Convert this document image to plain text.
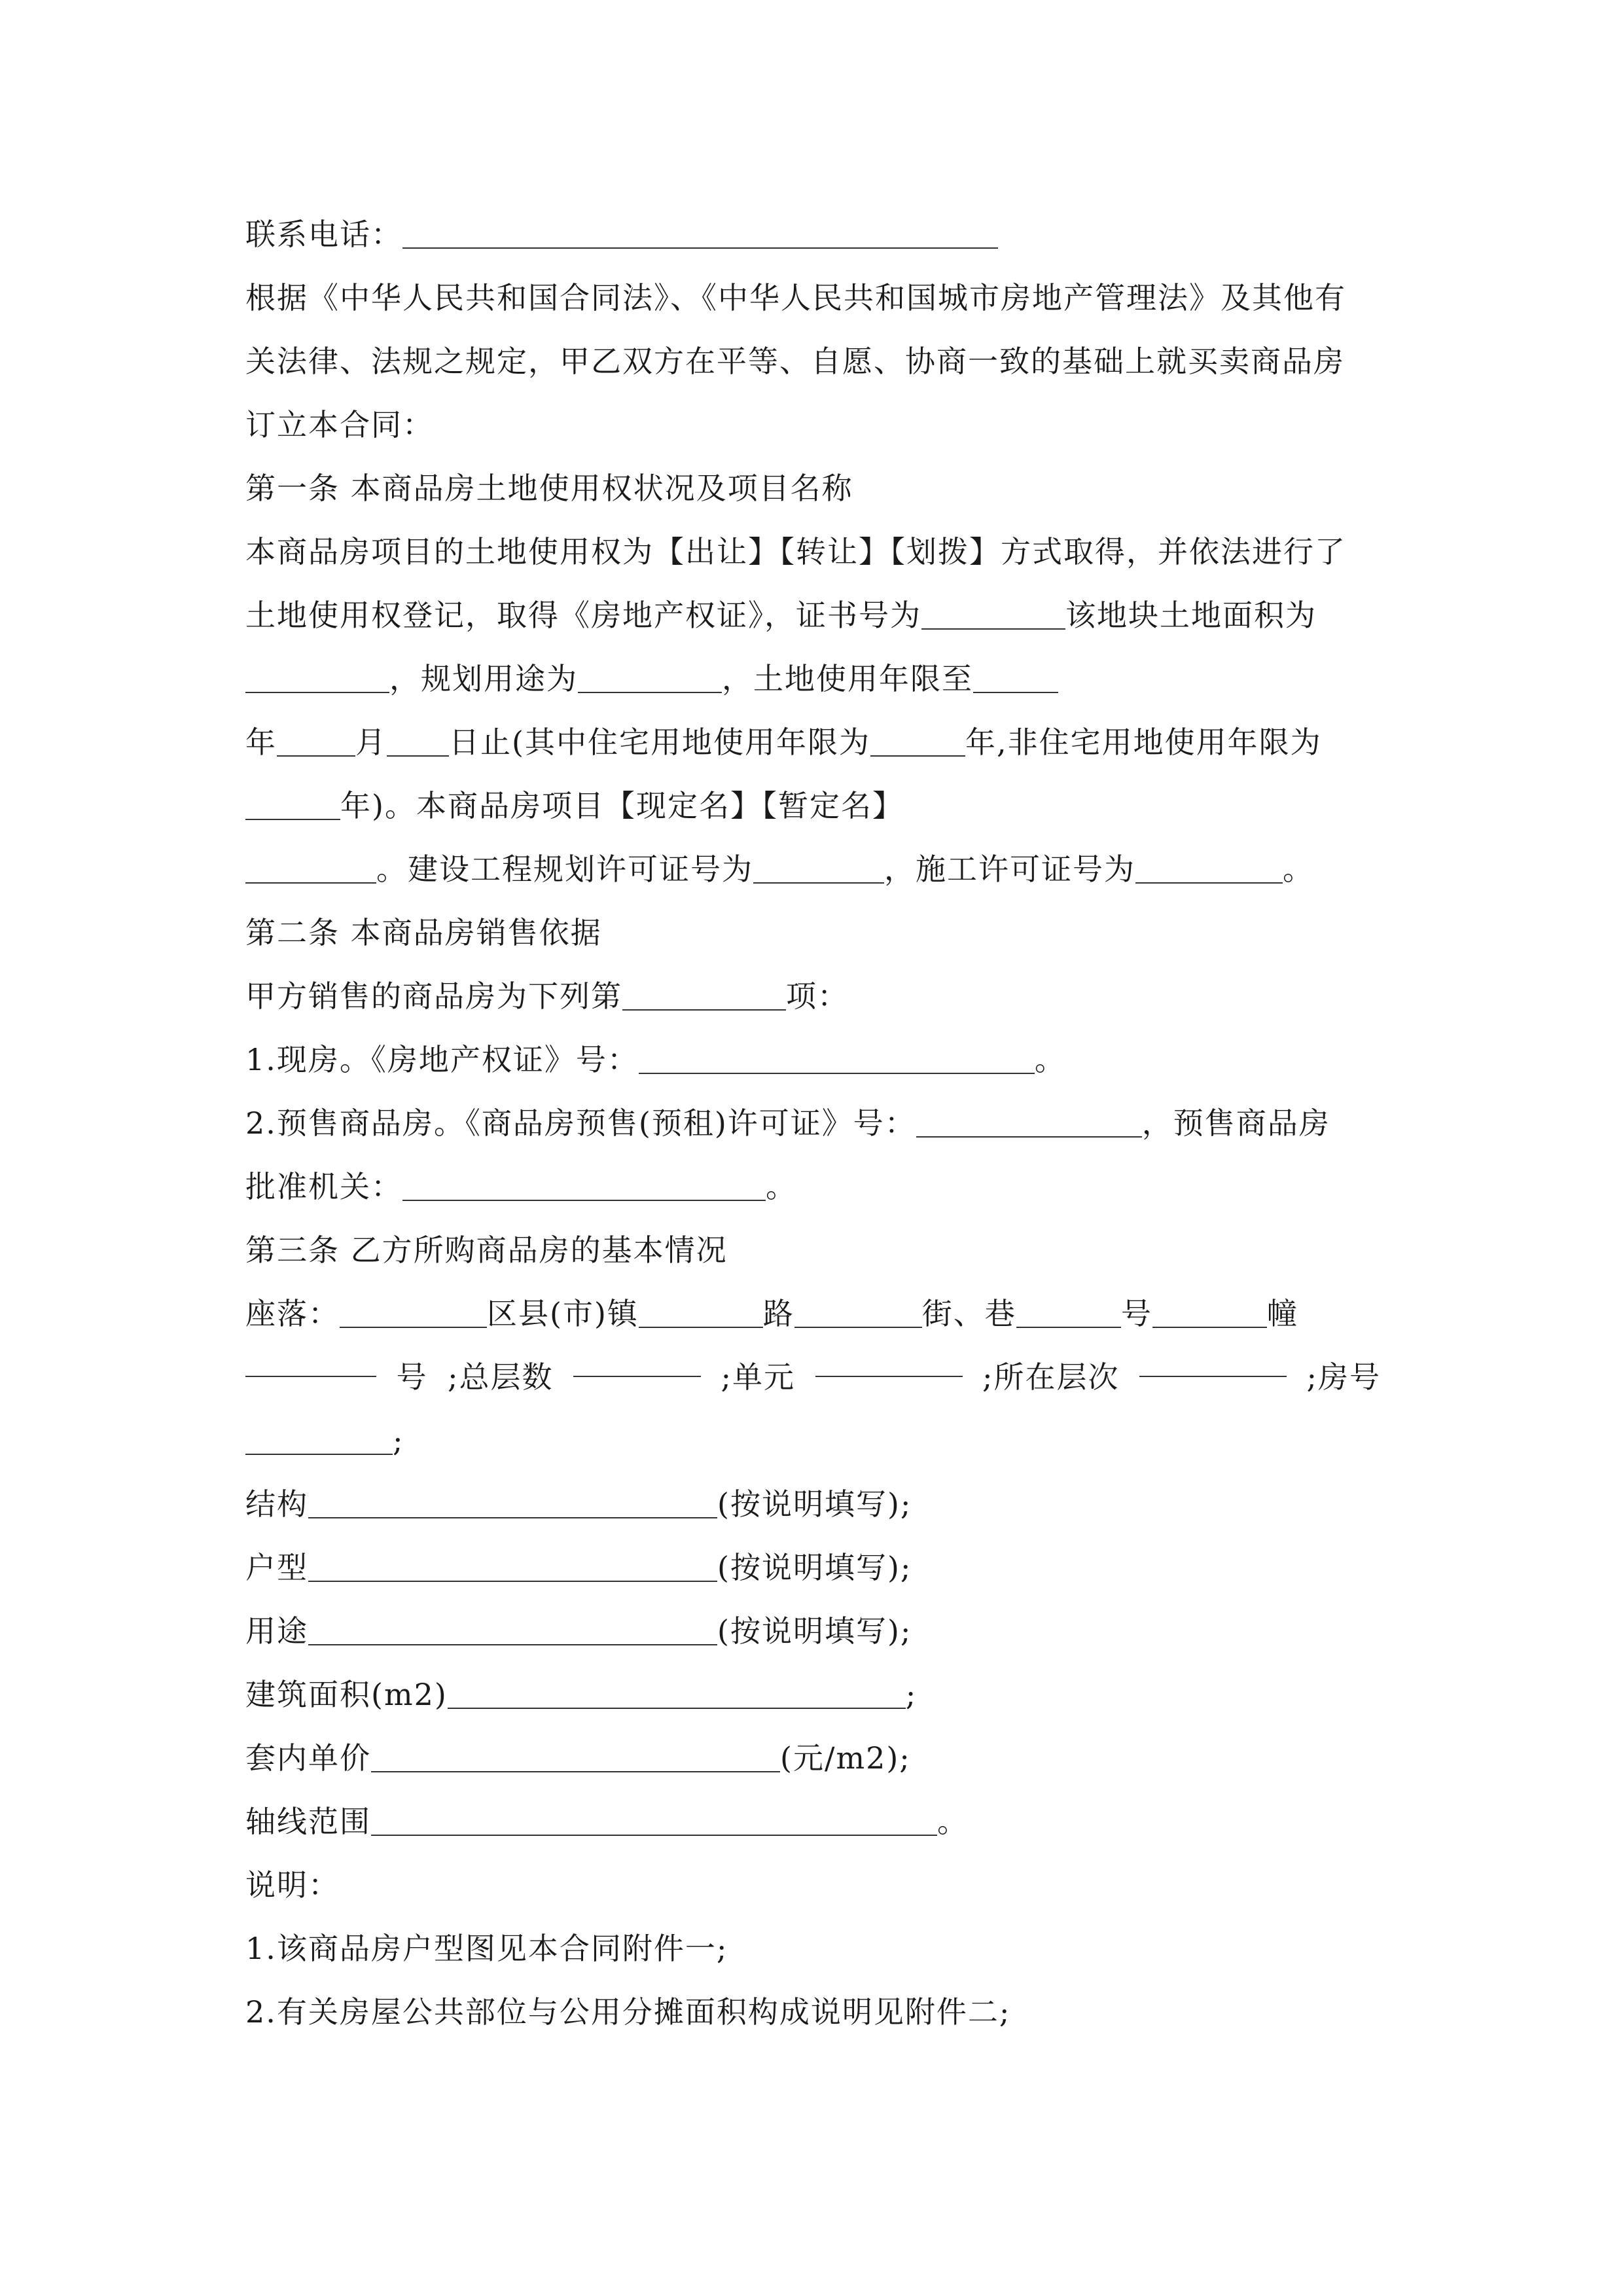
联系电话：
根据《中华人民共和国合同法》、《中华人民共和国城市房地产管理法》及其他有
关法律、法规之规定，甲乙双方在平等、自愿、协商一致的基础上就买卖商品房
订立本合同：
第一条 本商品房土地使用权状况及项目名称
本商品房项目的土地使用权为【出让】【转让】【划拨】方式取得，并依法进行了
土地使用权登记，取得《房地产权证》，证书号为	该地块土地面积为
，规划用途为	，土地使用年限至
年	月 日止(其中住宅用地使用年限为	年,非住宅用地使用年限为
年)。本商品房项目【现定名】【暂定名】
。建设工程规划许可证号为	，施工许可证号为	。
第二条 本商品房销售依据
甲方销售的商品房为下列第	项：
1.现房。《房地产权证》号：	。
2.预售商品房。《商品房预售(预租)许可证》号：	，预售商品房
批准机关：	。
第三条 乙方所购商品房的基本情况
座落：	区县(市)镇	路	街、巷	号	幢
号 ;总层数	;单元	;所在层次	;房号
;
结构	(按说明填写);
户型	(按说明填写);
用途	(按说明填写);
建筑面积(m2)	;
套内单价	(元/m2);
轴线范围	。
说明：
1.该商品房户型图见本合同附件一;
2.有关房屋公共部位与公用分摊面积构成说明见附件二;
